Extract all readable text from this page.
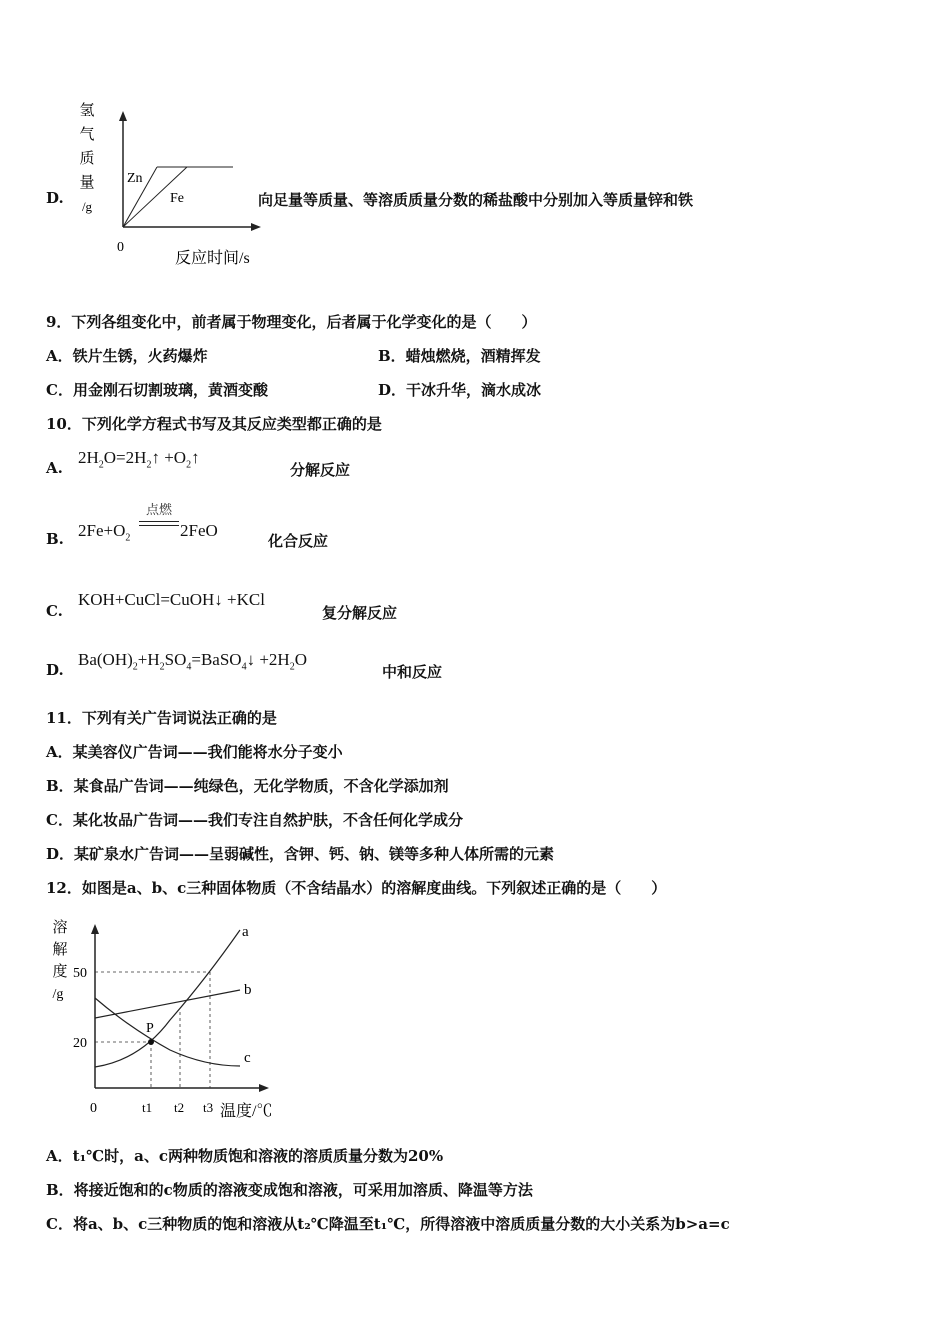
D.
氢
气
质
量
/g
Zn
Fe
0
反应时间/s
向足量等质量、等溶质质量分数的稀盐酸中分别加入等质量锌和铁
9．下列各组变化中，前者属于物理变化，后者属于化学变化的是（　　）
A．铁片生锈，火药爆炸	B．蜡烛燃烧，酒精挥发
C．用金刚石切割玻璃，黄酒变酸	D．干冰升华，滴水成冰
10．下列化学方程式书写及其反应类型都正确的是
A.
$2H_2O=2H_2↑$ $+O_2↑$
分解反应
B. $2Fe+O_2$
点燃
2FeO
化合反应
C.
KOH+CuCl=CuOH↓ +KCl
复分解反应
D.
$Ba(OH)_2+H_2SO_4=BaSO_4↓ +2H_2O$
中和反应
11．下列有关广告词说法正确的是
A．某美容仪广告词——我们能将水分子变小
B．某食品广告词——纯绿色，无化学物质，不含化学添加剂
C．某化妆品广告词——我们专注自然护肤，不含任何化学成分
D．某矿泉水广告词——呈弱碱性，含钾、钙、钠、镁等多种人体所需的元素
12．如图是a、b、c三种固体物质（不含结晶水）的溶解度曲线。下列叙述正确的是（　　）
溶
解
度
/g
50
20
P
a
b
c
0	t1 t2 t3 温度/℃
A．t₁℃时，a、c两种物质饱和溶液的溶质质量分数为20%
B．将接近饱和的c物质的溶液变成饱和溶液，可采用加溶质、降温等方法
C．将a、b、c三种物质的饱和溶液从t₂℃降温至t₁℃，所得溶液中溶质质量分数的大小关系为b>a=c
